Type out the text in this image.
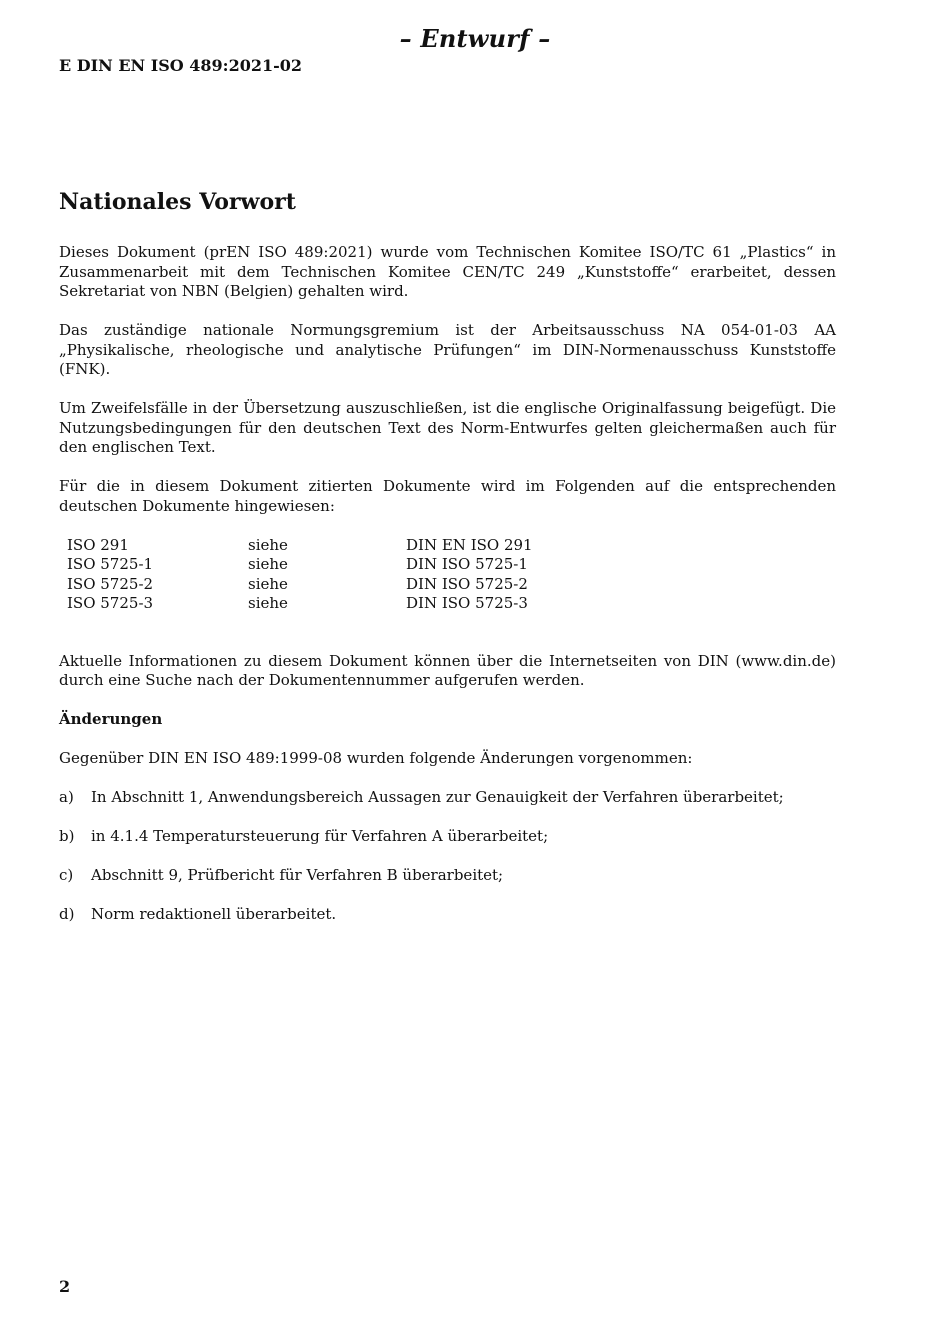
– Entwurf –
E DIN EN ISO 489:2021-02
Nationales Vorwort

Dieses Dokument (prEN ISO 489:2021) wurde vom Technischen Komitee ISO/TC 61 „Plastics“ in Zusammenarbeit mit dem Technischen Komitee CEN/TC 249 „Kunststoffe“ erarbeitet, dessen Sekretariat von NBN (Belgien) gehalten wird.

Das zuständige nationale Normungsgremium ist der Arbeitsausschuss NA 054-01-03 AA „Physikalische, rheologische und analytische Prüfungen“ im DIN-Normenausschuss Kunststoffe (FNK).

Um Zweifelsfälle in der Übersetzung auszuschließen, ist die englische Originalfassung beigefügt. Die Nutzungsbedingungen für den deutschen Text des Norm-Entwurfes gelten gleichermaßen auch für den englischen Text.

Für die in diesem Dokument zitierten Dokumente wird im Folgenden auf die entsprechenden deutschen Dokumente hingewiesen:

ISO 291	siehe	DIN EN ISO 291
ISO 5725-1	siehe	DIN ISO 5725-1
ISO 5725-2	siehe	DIN ISO 5725-2
ISO 5725-3	siehe	DIN ISO 5725-3

Aktuelle Informationen zu diesem Dokument können über die Internetseiten von DIN (www.din.de) durch eine Suche nach der Dokumentennummer aufgerufen werden.

Änderungen

Gegenüber DIN EN ISO 489:1999-08 wurden folgende Änderungen vorgenommen:

a)	In Abschnitt 1, Anwendungsbereich Aussagen zur Genauigkeit der Verfahren überarbeitet;
b)	in 4.1.4 Temperatursteuerung für Verfahren A überarbeitet;
c)	Abschnitt 9, Prüfbericht für Verfahren B überarbeitet;
d)	Norm redaktionell überarbeitet.
2
